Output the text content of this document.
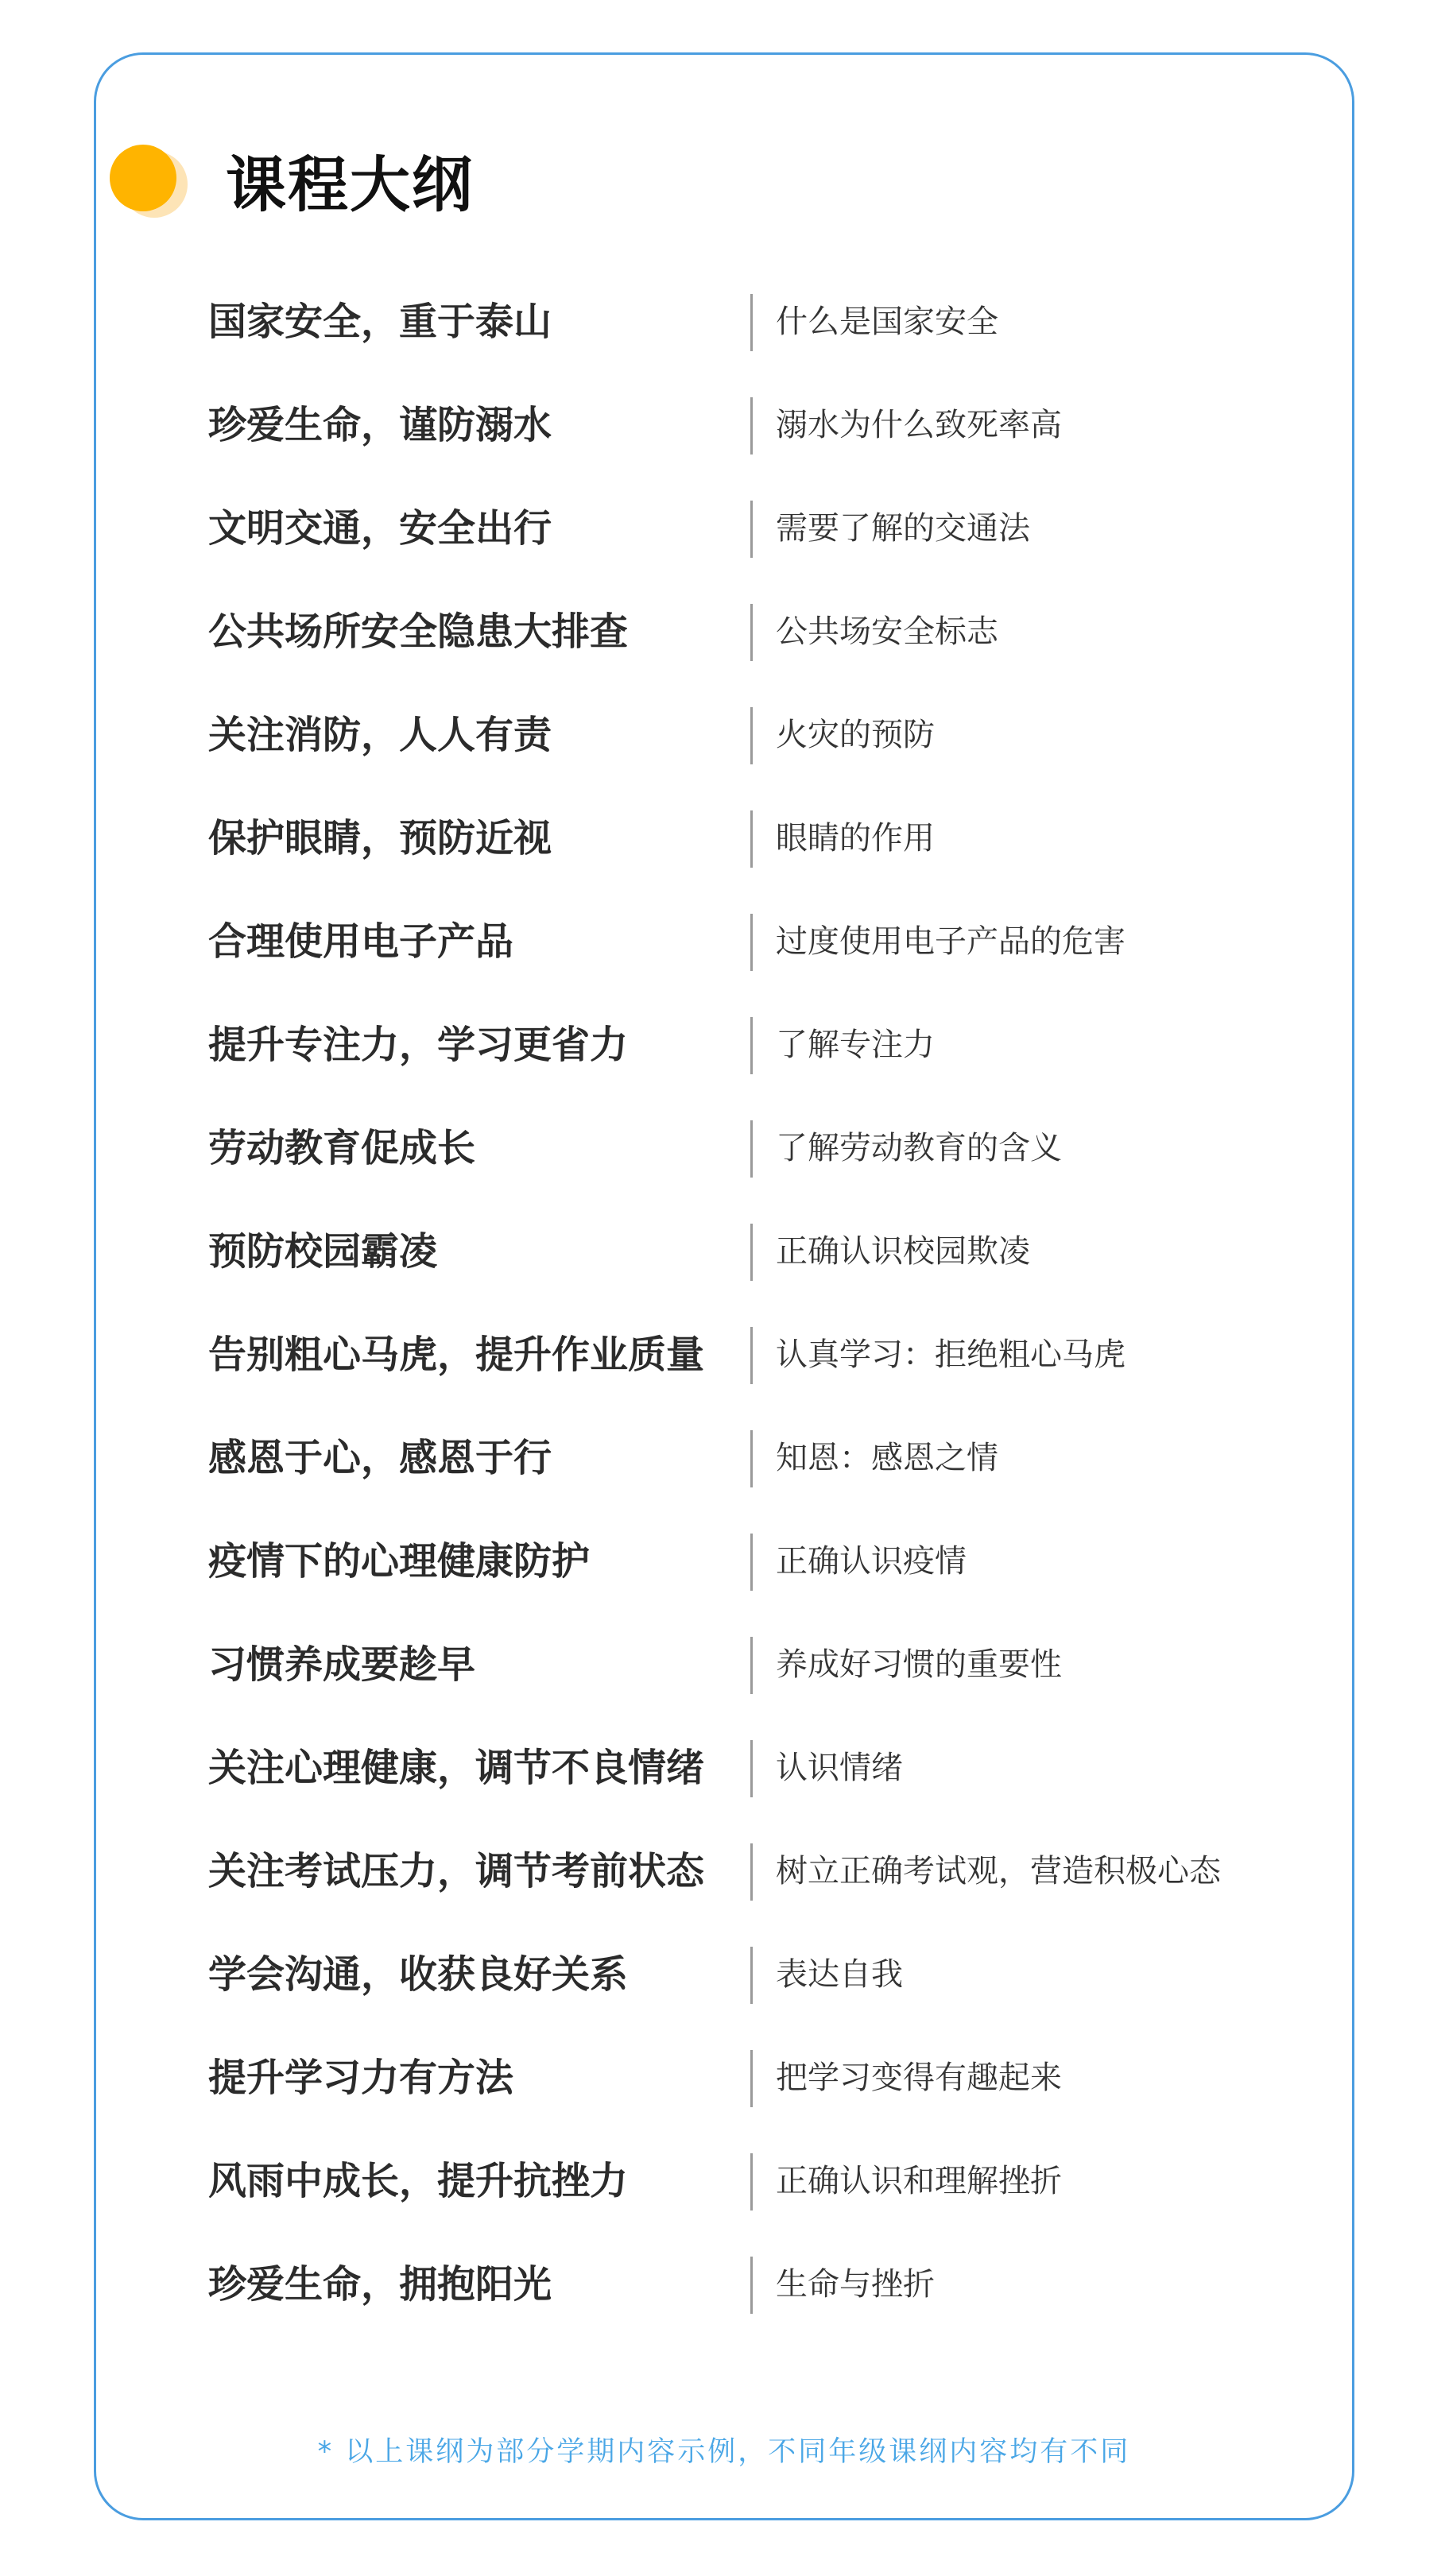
课程大纲
国家安全，重于泰山	什么是国家安全
珍爱生命，谨防溺水	溺水为什么致死率高
文明交通，安全出行	需要了解的交通法
公共场所安全隐患大排查	公共场安全标志
关注消防，人人有责	火灾的预防
保护眼睛，预防近视	眼睛的作用
合理使用电子产品	过度使用电子产品的危害
提升专注力，学习更省力	了解专注力
劳动教育促成长	了解劳动教育的含义
预防校园霸凌	正确认识校园欺凌
告别粗心马虎，提升作业质量	认真学习：拒绝粗心马虎
感恩于心，感恩于行	知恩：感恩之情
疫情下的心理健康防护	正确认识疫情
习惯养成要趁早	养成好习惯的重要性
关注心理健康，调节不良情绪	认识情绪
关注考试压力，调节考前状态	树立正确考试观，营造积极心态
学会沟通，收获良好关系	表达自我
提升学习力有方法	把学习变得有趣起来
风雨中成长，提升抗挫力	正确认识和理解挫折
珍爱生命，拥抱阳光	生命与挫折
* 以上课纲为部分学期内容示例，不同年级课纲内容均有不同
